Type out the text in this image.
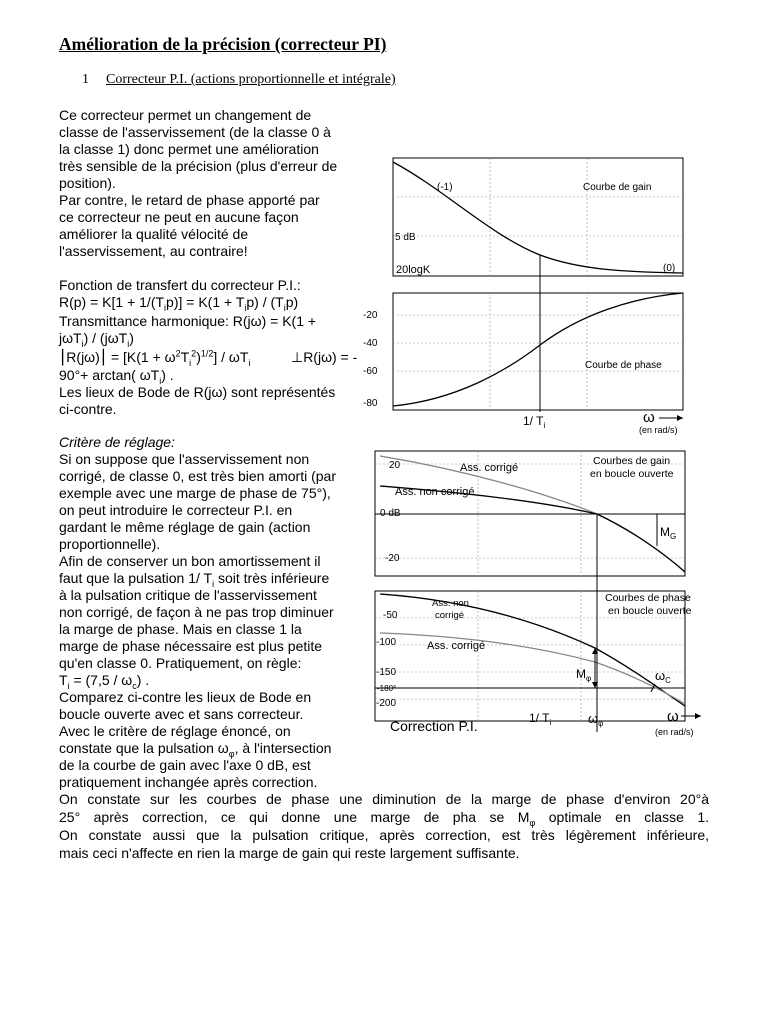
Amélioration de la précision (correcteur PI)
1 Correcteur P.I. (actions proportionnelle et intégrale)
Ce correcteur permet un changement de
classe de l'asservissement (de la classe 0 à
la classe 1) donc permet une amélioration
très sensible de la précision (plus d'erreur de
position).
Par contre, le retard de phase apporté par
ce correcteur ne peut en aucune façon
améliorer la qualité vélocité de
l'asservissement, au contraire!
Fonction de transfert du correcteur P.I.:
$R(p) = K[1 + 1/(T_ip)] = K(1 + T_ip) / (T_ip)$
Transmittance harmonique: R(jω) = K(1 +
jωT$_i$) / (jωT$_i$)
⎮R(jω)⎮ = $[K(1 + \omega^2T_i^2)^{1/2}] / \omega T_i$	⊥R(jω) = -
90°+ arctan( $\omega T_i$) .
Les lieux de Bode de R(jω) sont représentés
ci-contre.
Critère de réglage:
Si on suppose que l'asservissement non
corrigé, de classe 0, est très bien amorti (par
exemple avec une marge de phase de 75°),
on peut introduire le correcteur P.I. en
gardant le même réglage de gain (action
proportionnelle).
Afin de conserver un bon amortissement il
faut que la pulsation 1/ $T_i$ soit très inférieure
à la pulsation critique de l'asservissement
non corrigé, de façon à ne pas trop diminuer
la marge de phase. Mais en classe 1 la
marge de phase nécessaire est plus petite
qu'en classe 0. Pratiquement, on règle:
$T_i = (7,5 / \omega_c)$ .
Comparez ci-contre les lieux de Bode en
boucle ouverte avec et sans correcteur.
Avec le critère de réglage énoncé, on
constate que la pulsation $\omega_\varphi$, à l'intersection
de la courbe de gain avec l'axe 0 dB, est
pratiquement inchangée après correction.
On constate sur les courbes de phase une diminution de la marge de phase d'environ 20°à
25° après correction, ce qui donne une marge de pha se $M_\varphi$ optimale en classe 1.
On constate aussi que la pulsation critique, après correction, est très légèrement inférieure,
mais ceci n'affecte en rien la marge de gain qui reste largement suffisante.
(-1)	Courbe de gain
5 dB
20logK	(0)
-20
-40
-60
-80
Courbe de phase
1/ $T_i$	ω
(en rad/s)
20
0 dB
-20
Courbes de gain
en boucle ouverte
Ass. corrigé
Ass. non corrigé
$M_G$
-50
-100
-150
-180°
-200
Courbes de phase
en boucle ouverte
Ass. non
corrigé
Ass. corrigé
$M_\varphi$	$\omega_C$
1/ $T_i$	$\omega_\varphi$
Correction P.I.
ω
(en rad/s)
